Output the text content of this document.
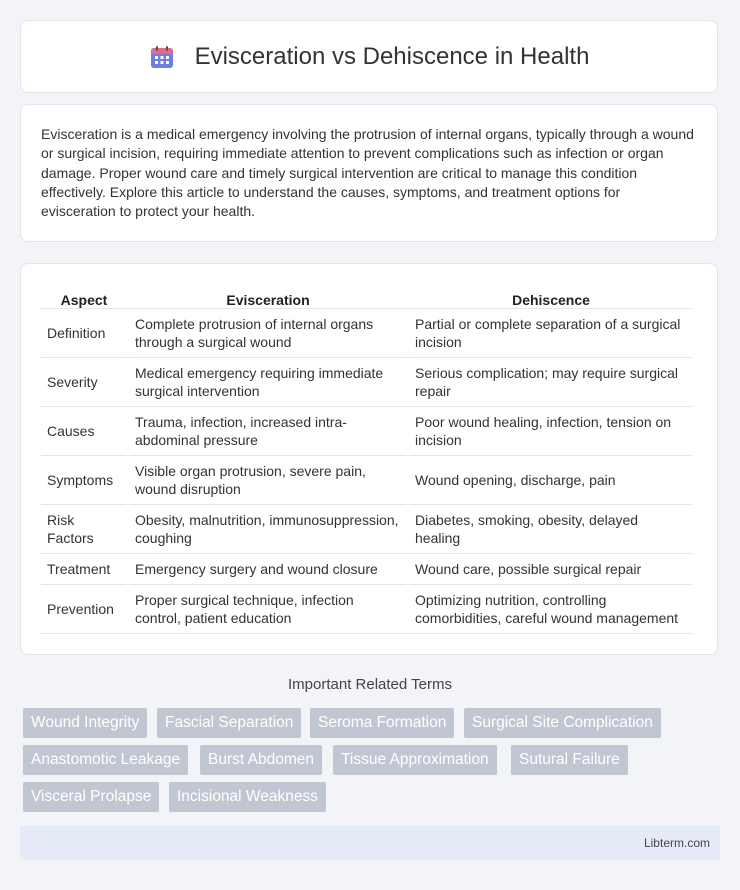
Evisceration vs Dehiscence in Health

Evisceration is a medical emergency involving the protrusion of internal organs, typically through a wound or surgical incision, requiring immediate attention to prevent complications such as infection or organ damage. Proper wound care and timely surgical intervention are critical to manage this condition effectively. Explore this article to understand the causes, symptoms, and treatment options for evisceration to protect your health.

Aspect	Evisceration	Dehiscence
Definition	Complete protrusion of internal organs through a surgical wound	Partial or complete separation of a surgical incision
Severity	Medical emergency requiring immediate surgical intervention	Serious complication; may require surgical repair
Causes	Trauma, infection, increased intra-abdominal pressure	Poor wound healing, infection, tension on incision
Symptoms	Visible organ protrusion, severe pain, wound disruption	Wound opening, discharge, pain
Risk Factors	Obesity, malnutrition, immunosuppression, coughing	Diabetes, smoking, obesity, delayed healing
Treatment	Emergency surgery and wound closure	Wound care, possible surgical repair
Prevention	Proper surgical technique, infection control, patient education	Optimizing nutrition, controlling comorbidities, careful wound management
Important Related Terms
Wound Integrity	Fascial Separation	Seroma Formation	Surgical Site Complication
Anastomotic Leakage	Burst Abdomen	Tissue Approximation	Sutural Failure
Visceral Prolapse	Incisional Weakness
Libterm.com
